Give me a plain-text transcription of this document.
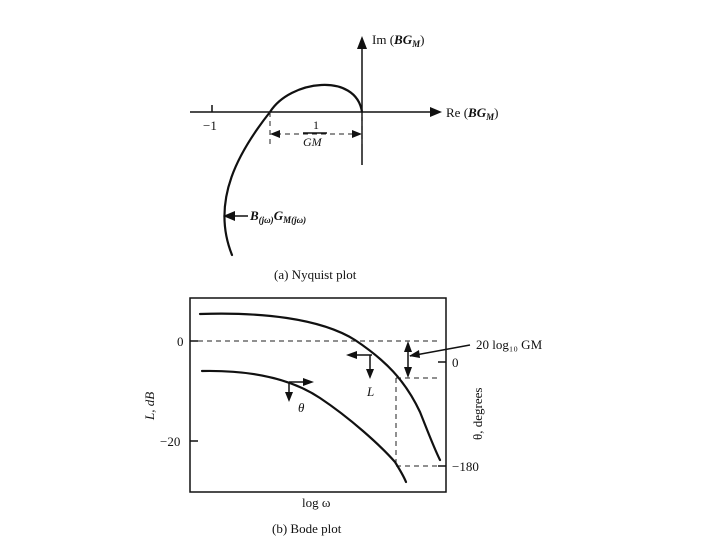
−1
Im $(BG_M)$
Re $(BG_M)$
1
GM
$B_{(j\omega)}G_{M(j\omega)}$
(a) Nyquist plot
0
−20
0
−180
L, dB	θ, degrees
log ω
20 log₁₀ GM
L
θ
(b) Bode plot
